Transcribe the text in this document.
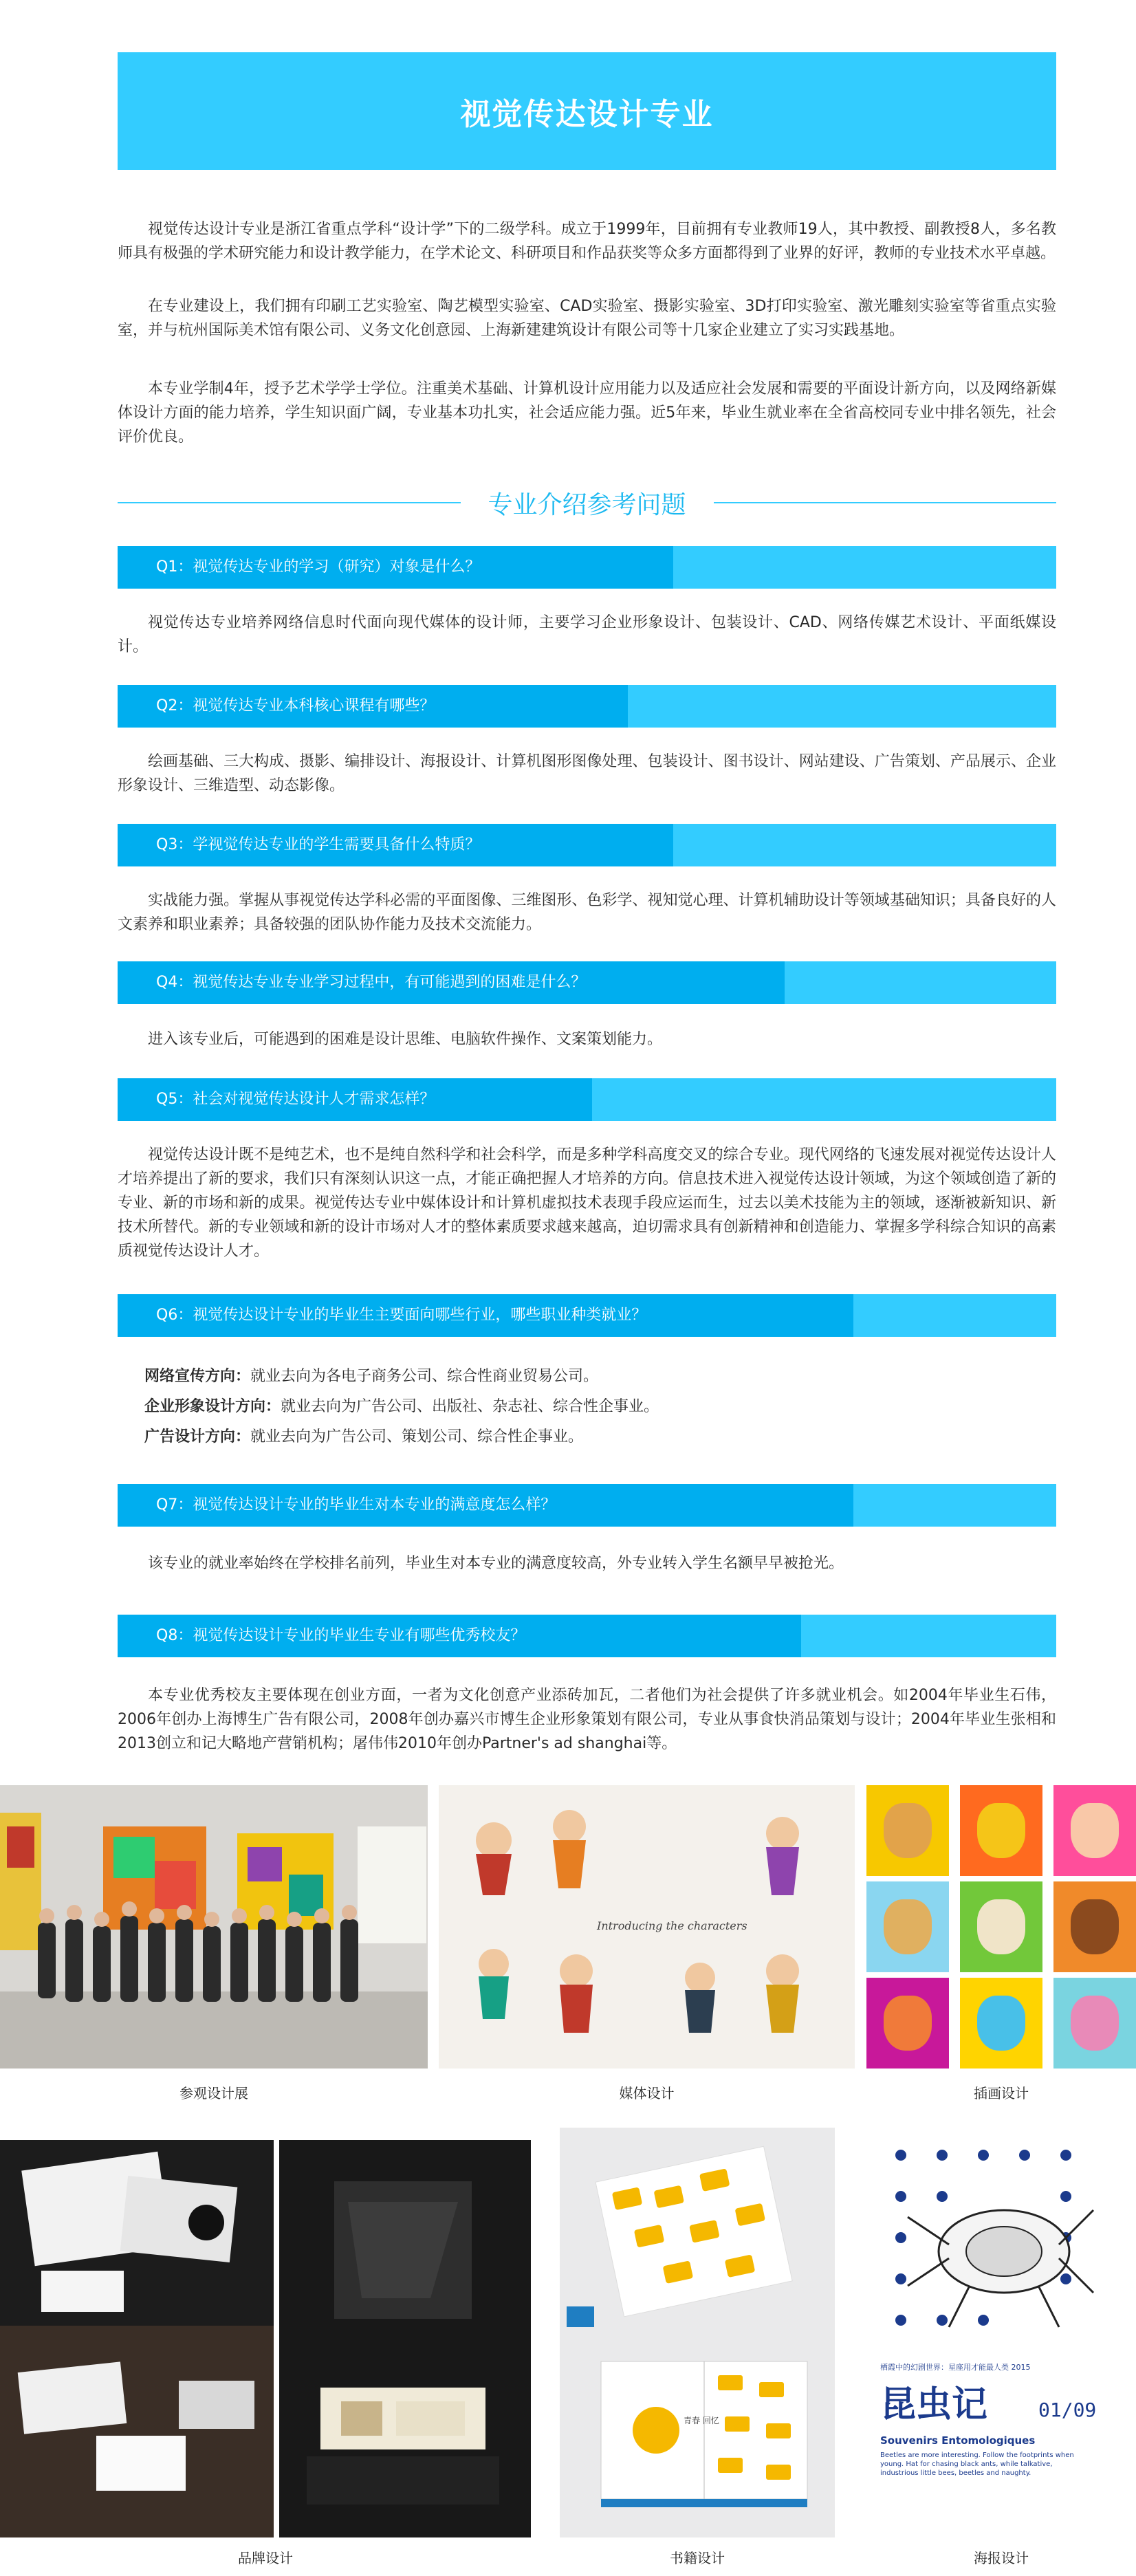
视觉传达设计专业

视觉传达设计专业是浙江省重点学科“设计学”下的二级学科。成立于1999年，目前拥有专业教师19人，其中教授、副教授8人，多名教师具有极强的学术研究能力和设计教学能力，在学术论文、科研项目和作品获奖等众多方面都得到了业界的好评，教师的专业技术水平卓越。

在专业建设上，我们拥有印刷工艺实验室、陶艺模型实验室、CAD实验室、摄影实验室、3D打印实验室、激光雕刻实验室等省重点实验室，并与杭州国际美术馆有限公司、义务文化创意园、上海新建建筑设计有限公司等十几家企业建立了实习实践基地。

本专业学制4年，授予艺术学学士学位。注重美术基础、计算机设计应用能力以及适应社会发展和需要的平面设计新方向，以及网络新媒体设计方面的能力培养，学生知识面广阔，专业基本功扎实，社会适应能力强。近5年来，毕业生就业率在全省高校同专业中排名领先，社会评价优良。

专业介绍参考问题
Q1：视觉传达专业的学习（研究）对象是什么？

视觉传达专业培养网络信息时代面向现代媒体的设计师，主要学习企业形象设计、包装设计、CAD、网络传媒艺术设计、平面纸媒设计。

Q2：视觉传达专业本科核心课程有哪些？

绘画基础、三大构成、摄影、编排设计、海报设计、计算机图形图像处理、包装设计、图书设计、网站建设、广告策划、产品展示、企业形象设计、三维造型、动态影像。

Q3：学视觉传达专业的学生需要具备什么特质？

实战能力强。掌握从事视觉传达学科必需的平面图像、三维图形、色彩学、视知觉心理、计算机辅助设计等领域基础知识；具备良好的人文素养和职业素养；具备较强的团队协作能力及技术交流能力。

Q4：视觉传达专业专业学习过程中，有可能遇到的困难是什么？

进入该专业后，可能遇到的困难是设计思维、电脑软件操作、文案策划能力。

Q5：社会对视觉传达设计人才需求怎样？

视觉传达设计既不是纯艺术，也不是纯自然科学和社会科学，而是多种学科高度交叉的综合专业。现代网络的飞速发展对视觉传达设计人才培养提出了新的要求，我们只有深刻认识这一点，才能正确把握人才培养的方向。信息技术进入视觉传达设计领域，为这个领域创造了新的专业、新的市场和新的成果。视觉传达专业中媒体设计和计算机虚拟技术表现手段应运而生，过去以美术技能为主的领域，逐渐被新知识、新技术所替代。新的专业领域和新的设计市场对人才的整体素质要求越来越高，迫切需求具有创新精神和创造能力、掌握多学科综合知识的高素质视觉传达设计人才。

Q6：视觉传达设计专业的毕业生主要面向哪些行业，哪些职业种类就业？

网络宣传方向：就业去向为各电子商务公司、综合性商业贸易公司。

企业形象设计方向：就业去向为广告公司、出版社、杂志社、综合性企事业。

广告设计方向：就业去向为广告公司、策划公司、综合性企事业。

Q7：视觉传达设计专业的毕业生对本专业的满意度怎么样？

该专业的就业率始终在学校排名前列，毕业生对本专业的满意度较高，外专业转入学生名额早早被抢光。

Q8：视觉传达设计专业的毕业生专业有哪些优秀校友？

本专业优秀校友主要体现在创业方面，一者为文化创意产业添砖加瓦，二者他们为社会提供了许多就业机会。如2004年毕业生石伟，2006年创办上海博生广告有限公司，2008年创办嘉兴市博生企业形象策划有限公司，专业从事食快消品策划与设计；2004年毕业生张相和2013创立和记大略地产营销机构；屠伟伟2010年创办Partner's ad shanghai等。

参观设计展

Introducing the characters

媒体设计	插画设计

品牌设计

青春 回忆

书籍设计

栖霞中的幻剧世界：星座用才能最人类 2015
昆虫记	01/09
Souvenirs Entomologiques
Beetles are more interesting. Follow the footprints when young. Hat for chasing black ants, while talkative, industrious little bees, beetles and naughty.

海报设计
